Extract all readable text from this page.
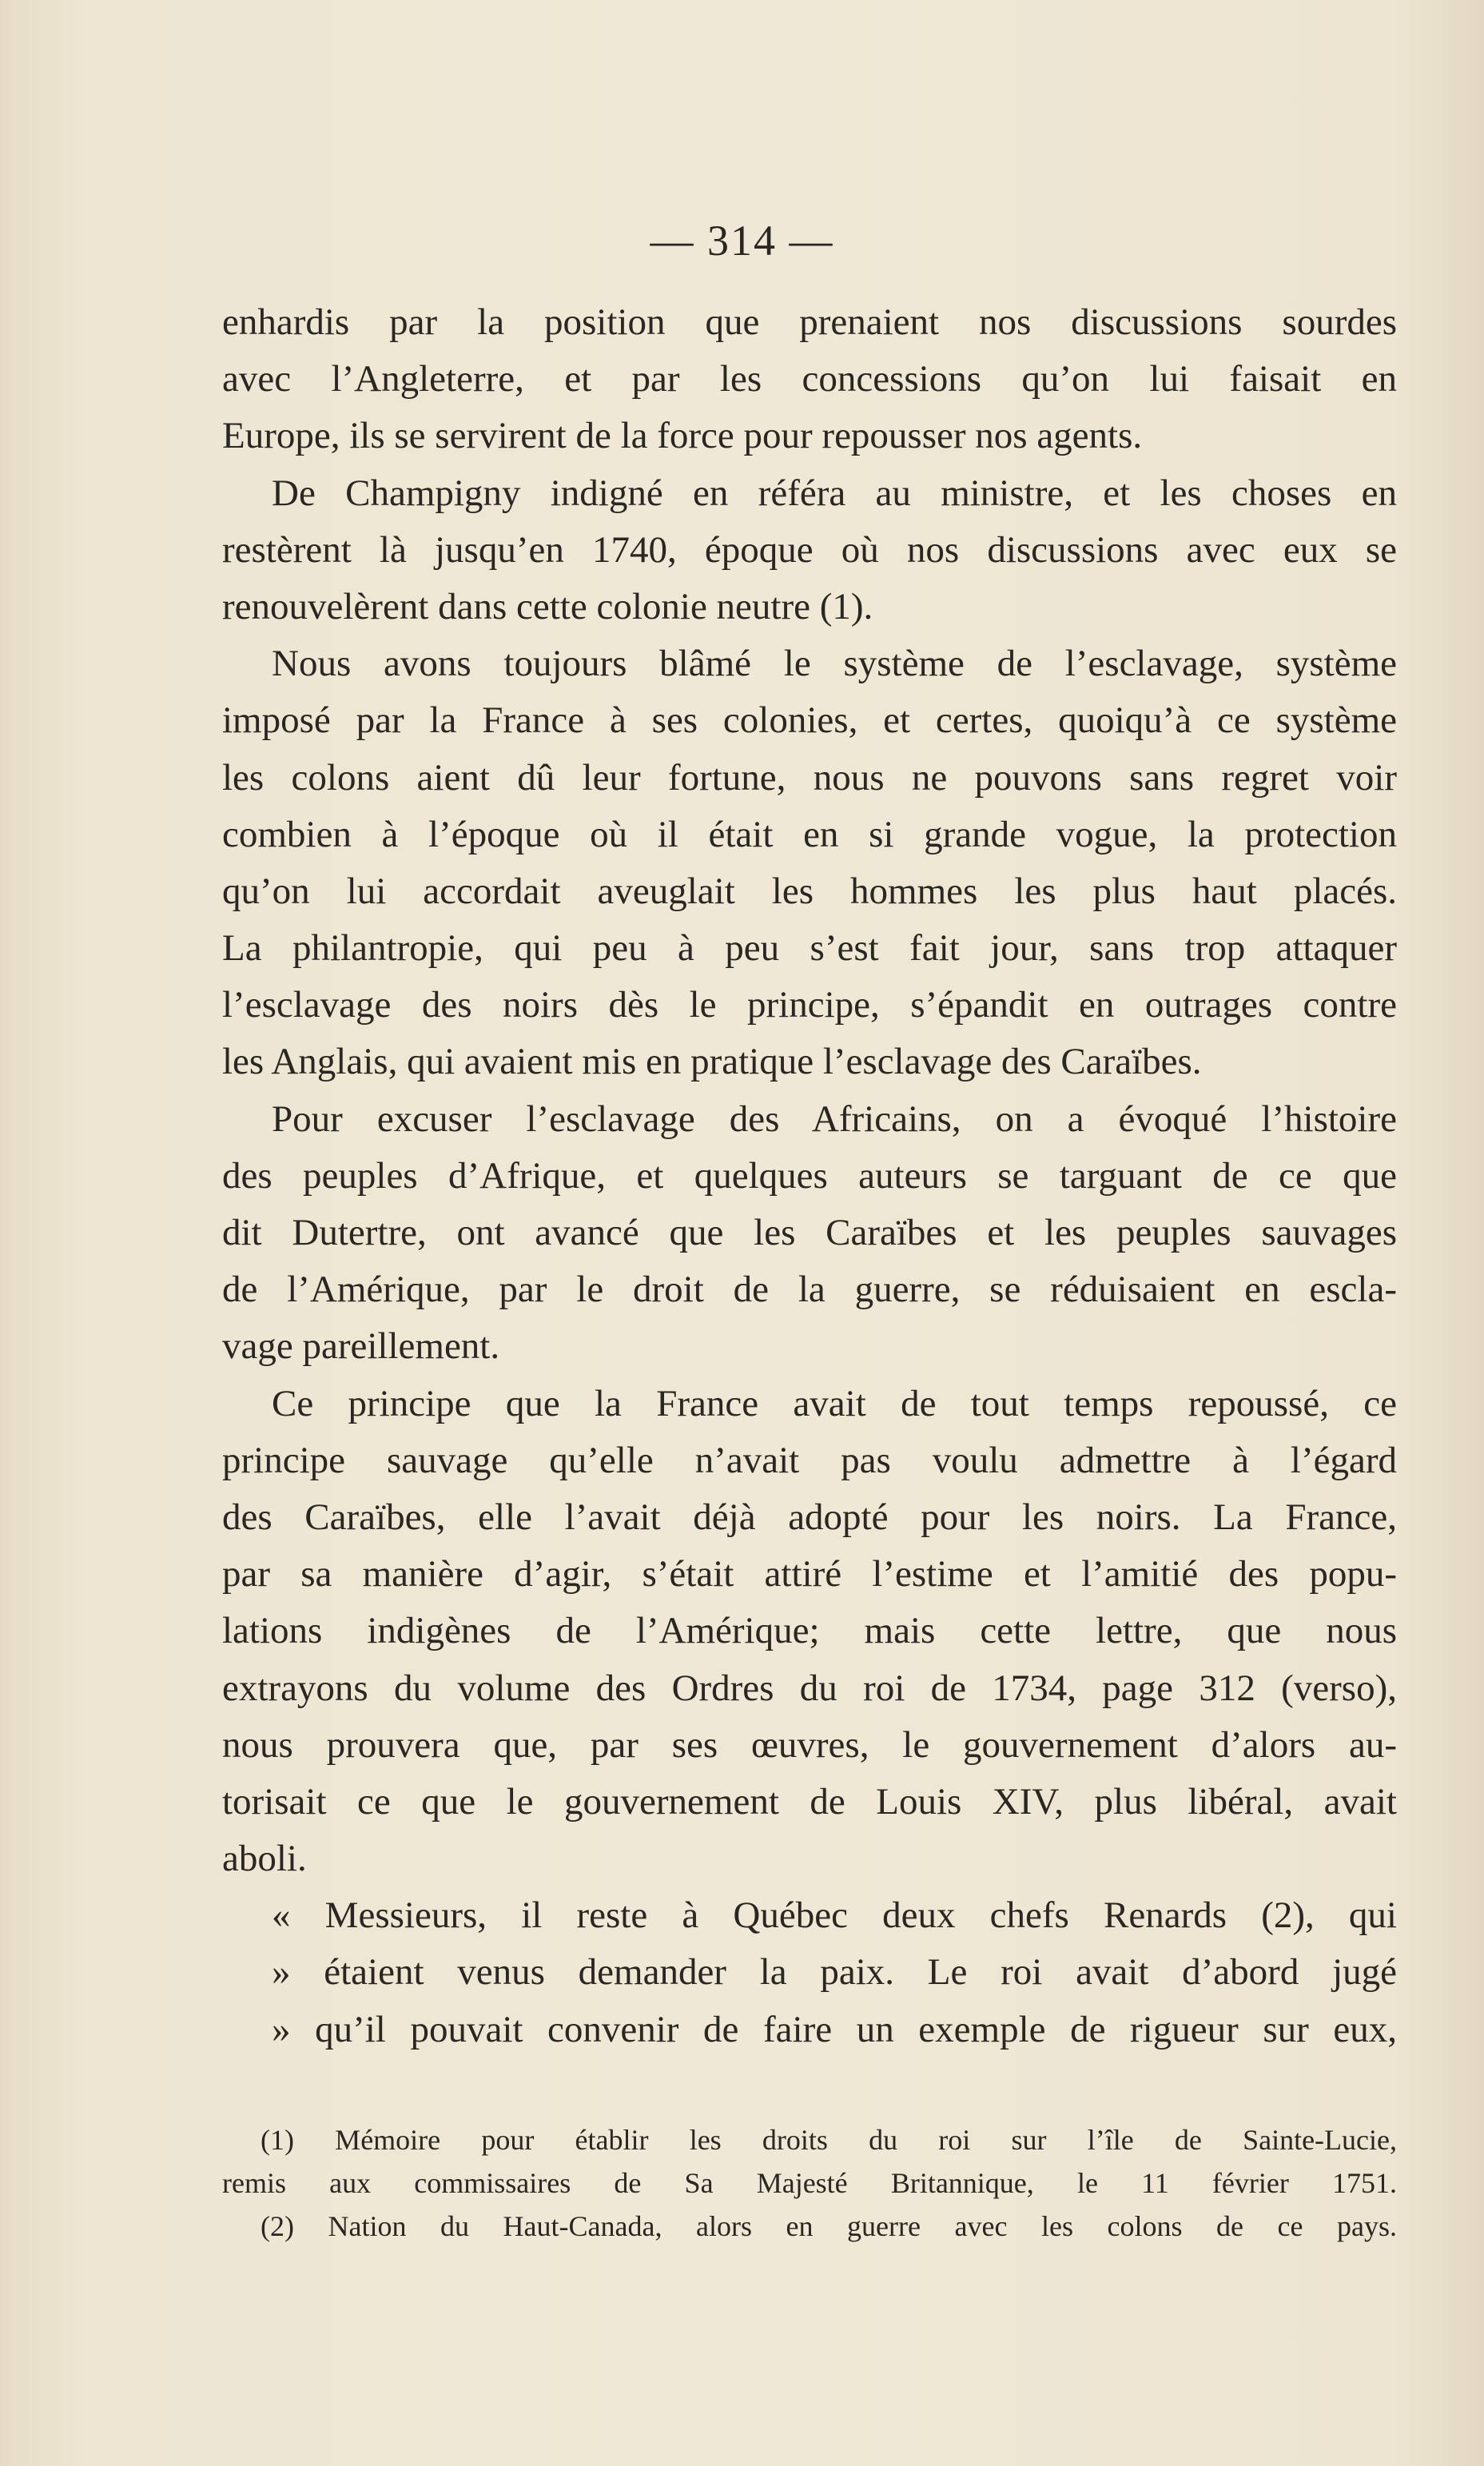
— 314 —
enhardis par la position que prenaient nos discussions sourdes
avec l’Angleterre, et par les concessions qu’on lui faisait en
Europe, ils se servirent de la force pour repousser nos agents.
De Champigny indigné en référa au ministre, et les choses en
restèrent là jusqu’en 1740, époque où nos discussions avec eux se
renouvelèrent dans cette colonie neutre (1).
Nous avons toujours blâmé le système de l’esclavage, système
imposé par la France à ses colonies, et certes, quoiqu’à ce système
les colons aient dû leur fortune, nous ne pouvons sans regret voir
combien à l’époque où il était en si grande vogue, la protection
qu’on lui accordait aveuglait les hommes les plus haut placés.
La philantropie, qui peu à peu s’est fait jour, sans trop attaquer
l’esclavage des noirs dès le principe, s’épandit en outrages contre
les Anglais, qui avaient mis en pratique l’esclavage des Caraïbes.
Pour excuser l’esclavage des Africains, on a évoqué l’histoire
des peuples d’Afrique, et quelques auteurs se targuant de ce que
dit Dutertre, ont avancé que les Caraïbes et les peuples sauvages
de l’Amérique, par le droit de la guerre, se réduisaient en escla-
vage pareillement.
Ce principe que la France avait de tout temps repoussé, ce
principe sauvage qu’elle n’avait pas voulu admettre à l’égard
des Caraïbes, elle l’avait déjà adopté pour les noirs. La France,
par sa manière d’agir, s’était attiré l’estime et l’amitié des popu-
lations indigènes de l’Amérique; mais cette lettre, que nous
extrayons du volume des Ordres du roi de 1734, page 312 (verso),
nous prouvera que, par ses œuvres, le gouvernement d’alors au-
torisait ce que le gouvernement de Louis XIV, plus libéral, avait
aboli.
« Messieurs, il reste à Québec deux chefs Renards (2), qui
» étaient venus demander la paix. Le roi avait d’abord jugé
» qu’il pouvait convenir de faire un exemple de rigueur sur eux,
(1) Mémoire pour établir les droits du roi sur l’île de Sainte-Lucie,
remis aux commissaires de Sa Majesté Britannique, le 11 février 1751.
(2) Nation du Haut-Canada, alors en guerre avec les colons de ce pays.
